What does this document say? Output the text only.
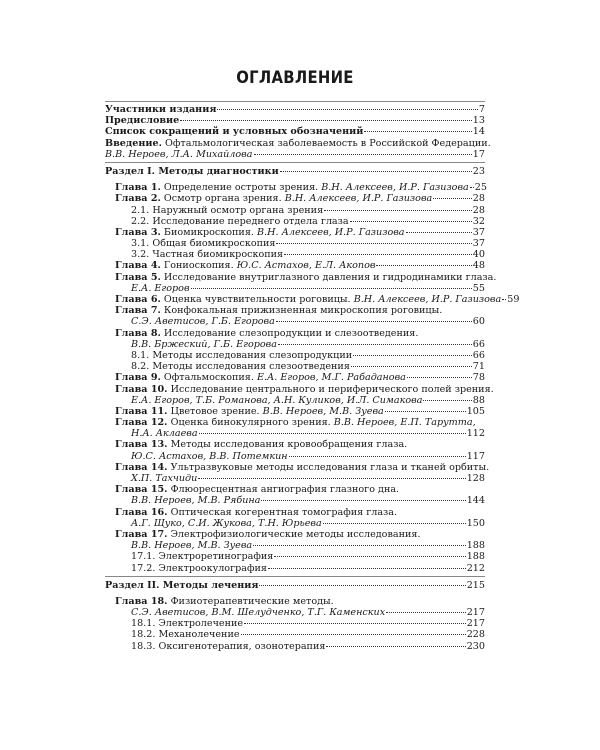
ОГЛАВЛЕНИЕ
Участники издания	7
Предисловие	13
Список сокращений и условных обозначений	14
Введение. Офтальмологическая заболеваемость в Российской Федерации.
В.В. Нероев, Л.А. Михайлова	17
Раздел I. Методы диагностики	23
Глава 1. Определение остроты зрения. В.Н. Алексеев, И.Р. Газизова 25
Глава 2. Осмотр органа зрения. В.Н. Алексеев, И.Р. Газизова	28
2.1. Наружный осмотр органа зрения	28
2.2. Исследование переднего отдела глаза	32
Глава 3. Биомикроскопия. В.Н. Алексеев, И.Р. Газизова	37
3.1. Общая биомикроскопия	37
3.2. Частная биомикроскопия	40
Глава 4. Гониоскопия. Ю.С. Астахов, Е.Л. Акопов	48
Глава 5. Исследование внутриглазного давления и гидродинамики глаза.
Е.А. Егоров	55
Глава 6. Оценка чувствительности роговицы. В.Н. Алексеев, И.Р. Газизова 59
Глава 7. Конфокальная прижизненная микроскопия роговицы.
С.Э. Аветисов, Г.Б. Егорова	60
Глава 8. Исследование слезопродукции и слезоотведения.
В.В. Бржеский, Г.Б. Егорова	66
8.1. Методы исследования слезопродукции	66
8.2. Методы исследования слезоотведения	71
Глава 9. Офтальмоскопия. Е.А. Егоров, М.Г. Рабаданова	78
Глава 10. Исследование центрального и периферического полей зрения.
Е.А. Егоров, Т.Б. Романова, А.Н. Куликов, И.Л. Симакова	88
Глава 11. Цветовое зрение. В.В. Нероев, М.В. Зуева	105
Глава 12. Оценка бинокулярного зрения. В.В. Нероев, Е.П. Тарутта,
Н.А. Аклаева	112
Глава 13. Методы исследования кровообращения глаза.
Ю.С. Астахов, В.В. Потемкин	117
Глава 14. Ультразвуковые методы исследования глаза и тканей орбиты.
Х.П. Тахчиди	128
Глава 15. Флюоресцентная ангиография глазного дна.
В.В. Нероев, М.В. Рябина	144
Глава 16. Оптическая когерентная томография глаза.
А.Г. Щуко, С.И. Жукова, Т.Н. Юрьева	150
Глава 17. Электрофизиологические методы исследования.
В.В. Нероев, М.В. Зуева	188
17.1. Электроретинография	188
17.2. Электроокулография	212
Раздел II. Методы лечения	215
Глава 18. Физиотерапевтические методы.
С.Э. Аветисов, В.М. Шелудченко, Т.Г. Каменских	217
18.1. Электролечение	217
18.2. Механолечение	228
18.3. Оксигенотерапия, озонотерапия	230
